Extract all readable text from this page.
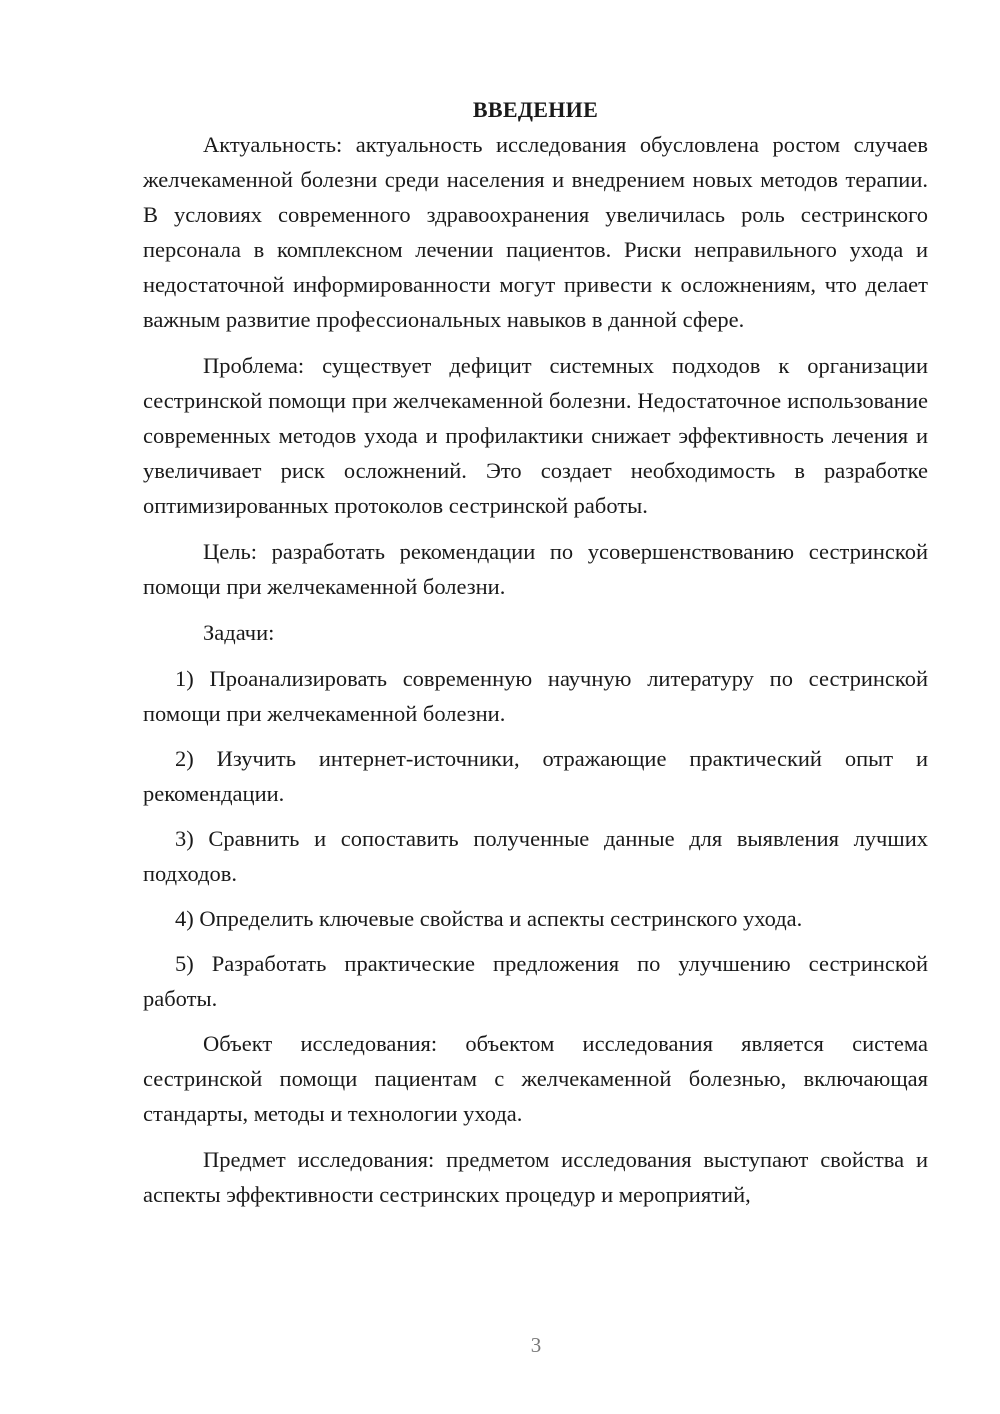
ВВЕДЕНИЕ

Актуальность: актуальность исследования обусловлена ростом случаев желчекаменной болезни среди населения и внедрением новых методов терапии. В условиях современного здравоохранения увеличилась роль сестринского персонала в комплексном лечении пациентов. Риски неправильного ухода и недостаточной информированности могут привести к осложнениям, что делает важным развитие профессиональных навыков в данной сфере.

Проблема: существует дефицит системных подходов к организации сестринской помощи при желчекаменной болезни. Недостаточное использование современных методов ухода и профилактики снижает эффективность лечения и увеличивает риск осложнений. Это создает необходимость в разработке оптимизированных протоколов сестринской работы.

Цель: разработать рекомендации по усовершенствованию сестринской помощи при желчекаменной болезни.

Задачи:

1) Проанализировать современную научную литературу по сестринской помощи при желчекаменной болезни.

2) Изучить интернет-источники, отражающие практический опыт и рекомендации.

3) Сравнить и сопоставить полученные данные для выявления лучших подходов.

4) Определить ключевые свойства и аспекты сестринского ухода.

5) Разработать практические предложения по улучшению сестринской работы.

Объект исследования: объектом исследования является система сестринской помощи пациентам с желчекаменной болезнью, включающая стандарты, методы и технологии ухода.

Предмет исследования: предметом исследования выступают свойства и аспекты эффективности сестринских процедур и мероприятий,

3
